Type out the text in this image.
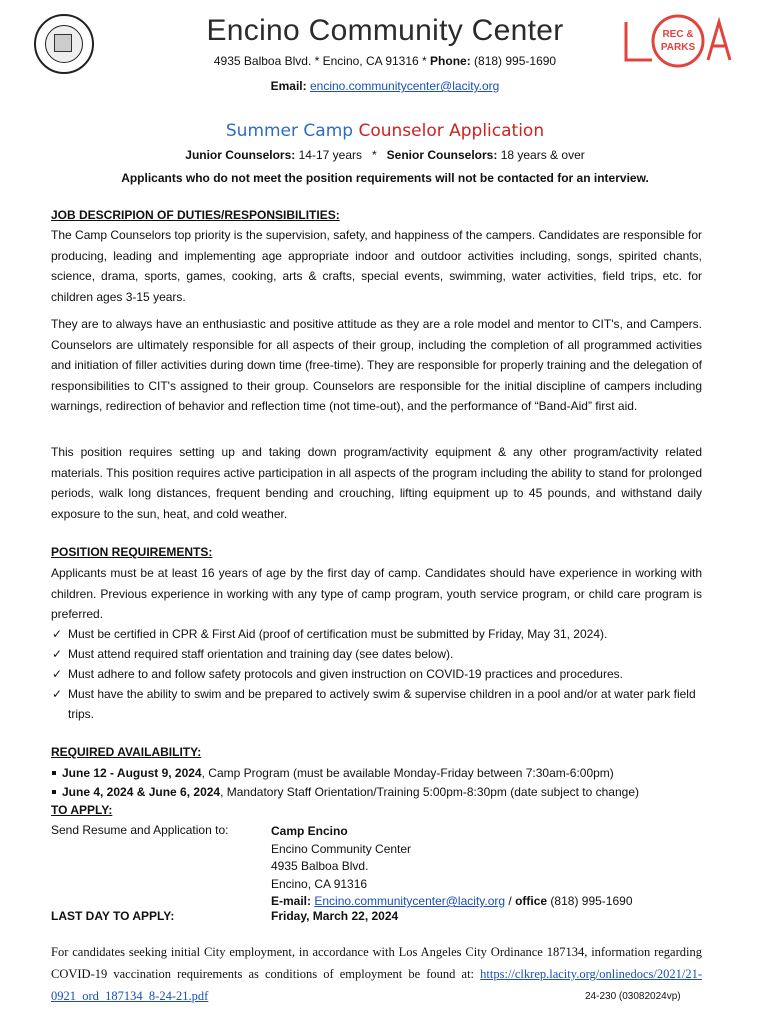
Encino Community Center
4935 Balboa Blvd. * Encino, CA 91316 * Phone: (818) 995-1690
Email: encino.communitycenter@lacity.org
REC &
PARKS
Summer Camp Counselor Application
Junior Counselors: 14-17 years   *   Senior Counselors: 18 years & over
Applicants who do not meet the position requirements will not be contacted for an interview.
JOB DESCRIPION OF DUTIES/RESPONSIBILITIES:
The Camp Counselors top priority is the supervision, safety, and happiness of the campers. Candidates are responsible for producing, leading and implementing age appropriate indoor and outdoor activities including, songs, spirited chants, science, drama, sports, games, cooking, arts & crafts, special events, swimming, water activities, field trips, etc. for children ages 3-15 years.
They are to always have an enthusiastic and positive attitude as they are a role model and mentor to CIT's, and Campers. Counselors are ultimately responsible for all aspects of their group, including the completion of all programmed activities and initiation of filler activities during down time (free-time). They are responsible for properly training and the delegation of responsibilities to CIT's assigned to their group. Counselors are responsible for the initial discipline of campers including warnings, redirection of behavior and reflection time (not time-out), and the performance of “Band-Aid” first aid.
This position requires setting up and taking down program/activity equipment & any other program/activity related materials. This position requires active participation in all aspects of the program including the ability to stand for prolonged periods, walk long distances, frequent bending and crouching, lifting equipment up to 45 pounds, and withstand daily exposure to the sun, heat, and cold weather.
POSITION REQUIREMENTS:
Applicants must be at least 16 years of age by the first day of camp. Candidates should have experience in working with children. Previous experience in working with any type of camp program, youth service program, or child care program is preferred.
✓ Must be certified in CPR & First Aid (proof of certification must be submitted by Friday, May 31, 2024).
✓ Must attend required staff orientation and training day (see dates below).
✓ Must adhere to and follow safety protocols and given instruction on COVID-19 practices and procedures.
✓ Must have the ability to swim and be prepared to actively swim & supervise children in a pool and/or at water park field trips.
REQUIRED AVAILABILITY:
June 12 - August 9, 2024, Camp Program (must be available Monday-Friday between 7:30am-6:00pm)
June 4, 2024 & June 6, 2024, Mandatory Staff Orientation/Training 5:00pm-8:30pm (date subject to change)
TO APPLY:
Send Resume and Application to:	Camp Encino
Encino Community Center
4935 Balboa Blvd.
Encino, CA 91316
E-mail: Encino.communitycenter@lacity.org / office (818) 995-1690
LAST DAY TO APPLY:	Friday, March 22, 2024
For candidates seeking initial City employment, in accordance with Los Angeles City Ordinance 187134, information regarding COVID-19 vaccination requirements as conditions of employment be found at: https://clkrep.lacity.org/onlinedocs/2021/21-0921_ord_187134_8-24-21.pdf	24-230 (03082024vp)
